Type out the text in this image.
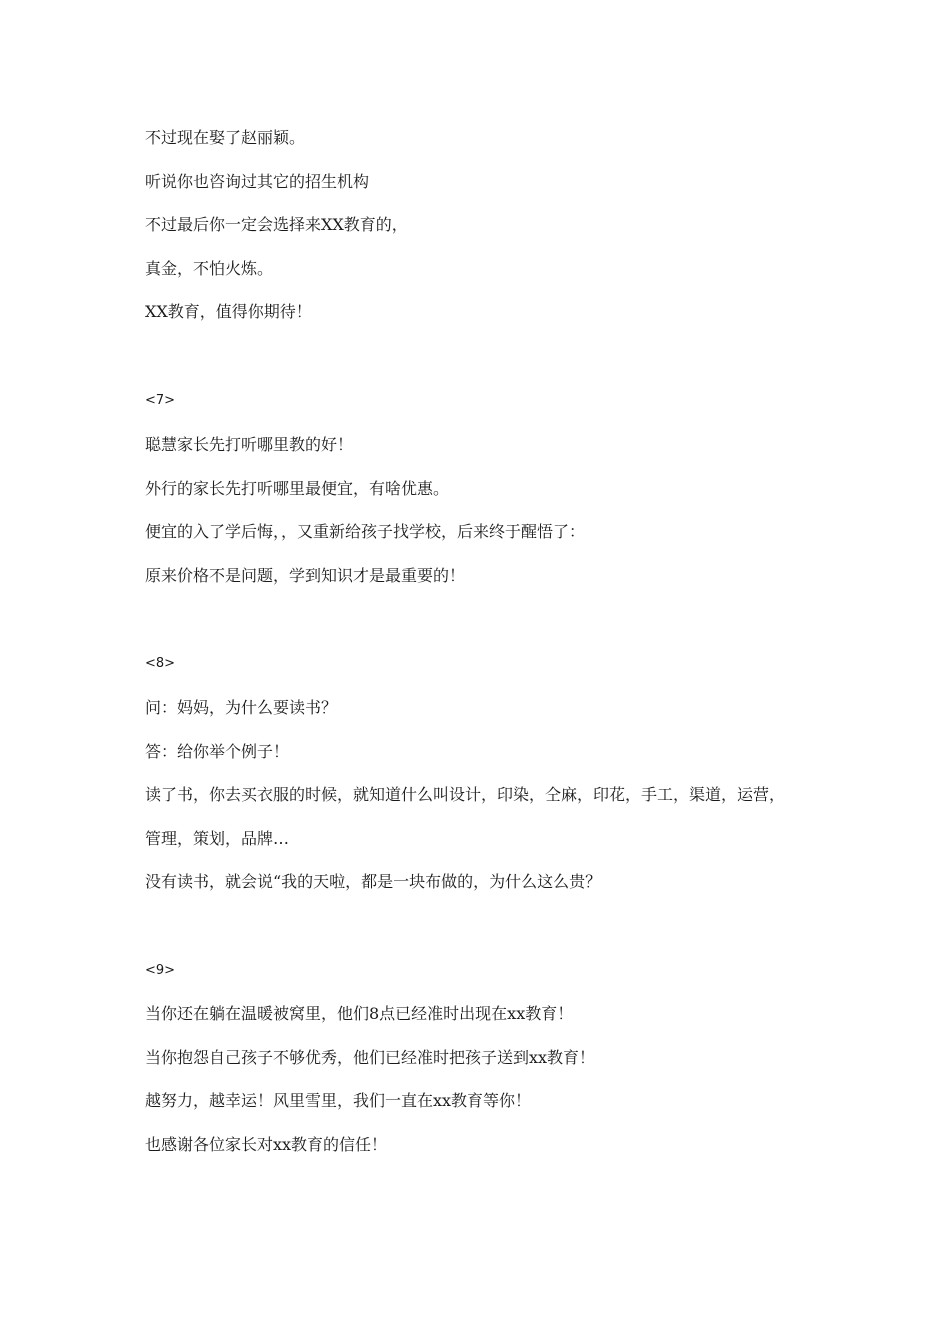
不过现在娶了赵丽颖。
听说你也咨询过其它的招生机构
不过最后你一定会选择来XX教育的，
真金，不怕火炼。
XX教育，值得你期待！
<7>
聪慧家长先打听哪里教的好！
外行的家长先打听哪里最便宜，有啥优惠。
便宜的入了学后悔，，又重新给孩子找学校，后来终于醒悟了：
原来价格不是问题，学到知识才是最重要的！
<8>
问：妈妈，为什么要读书？
答：给你举个例子！
读了书，你去买衣服的时候，就知道什么叫设计，印染，仝麻，印花，手工，渠道，运营，
管理，策划，品牌…
没有读书，就会说“我的天啦，都是一块布做的，为什么这么贵？
<9>
当你还在躺在温暖被窝里，他们8点已经准时出现在xx教育！
当你抱怨自己孩子不够优秀，他们已经准时把孩子送到xx教育！
越努力，越幸运！风里雪里，我们一直在xx教育等你！
也感谢各位家长对xx教育的信任！
